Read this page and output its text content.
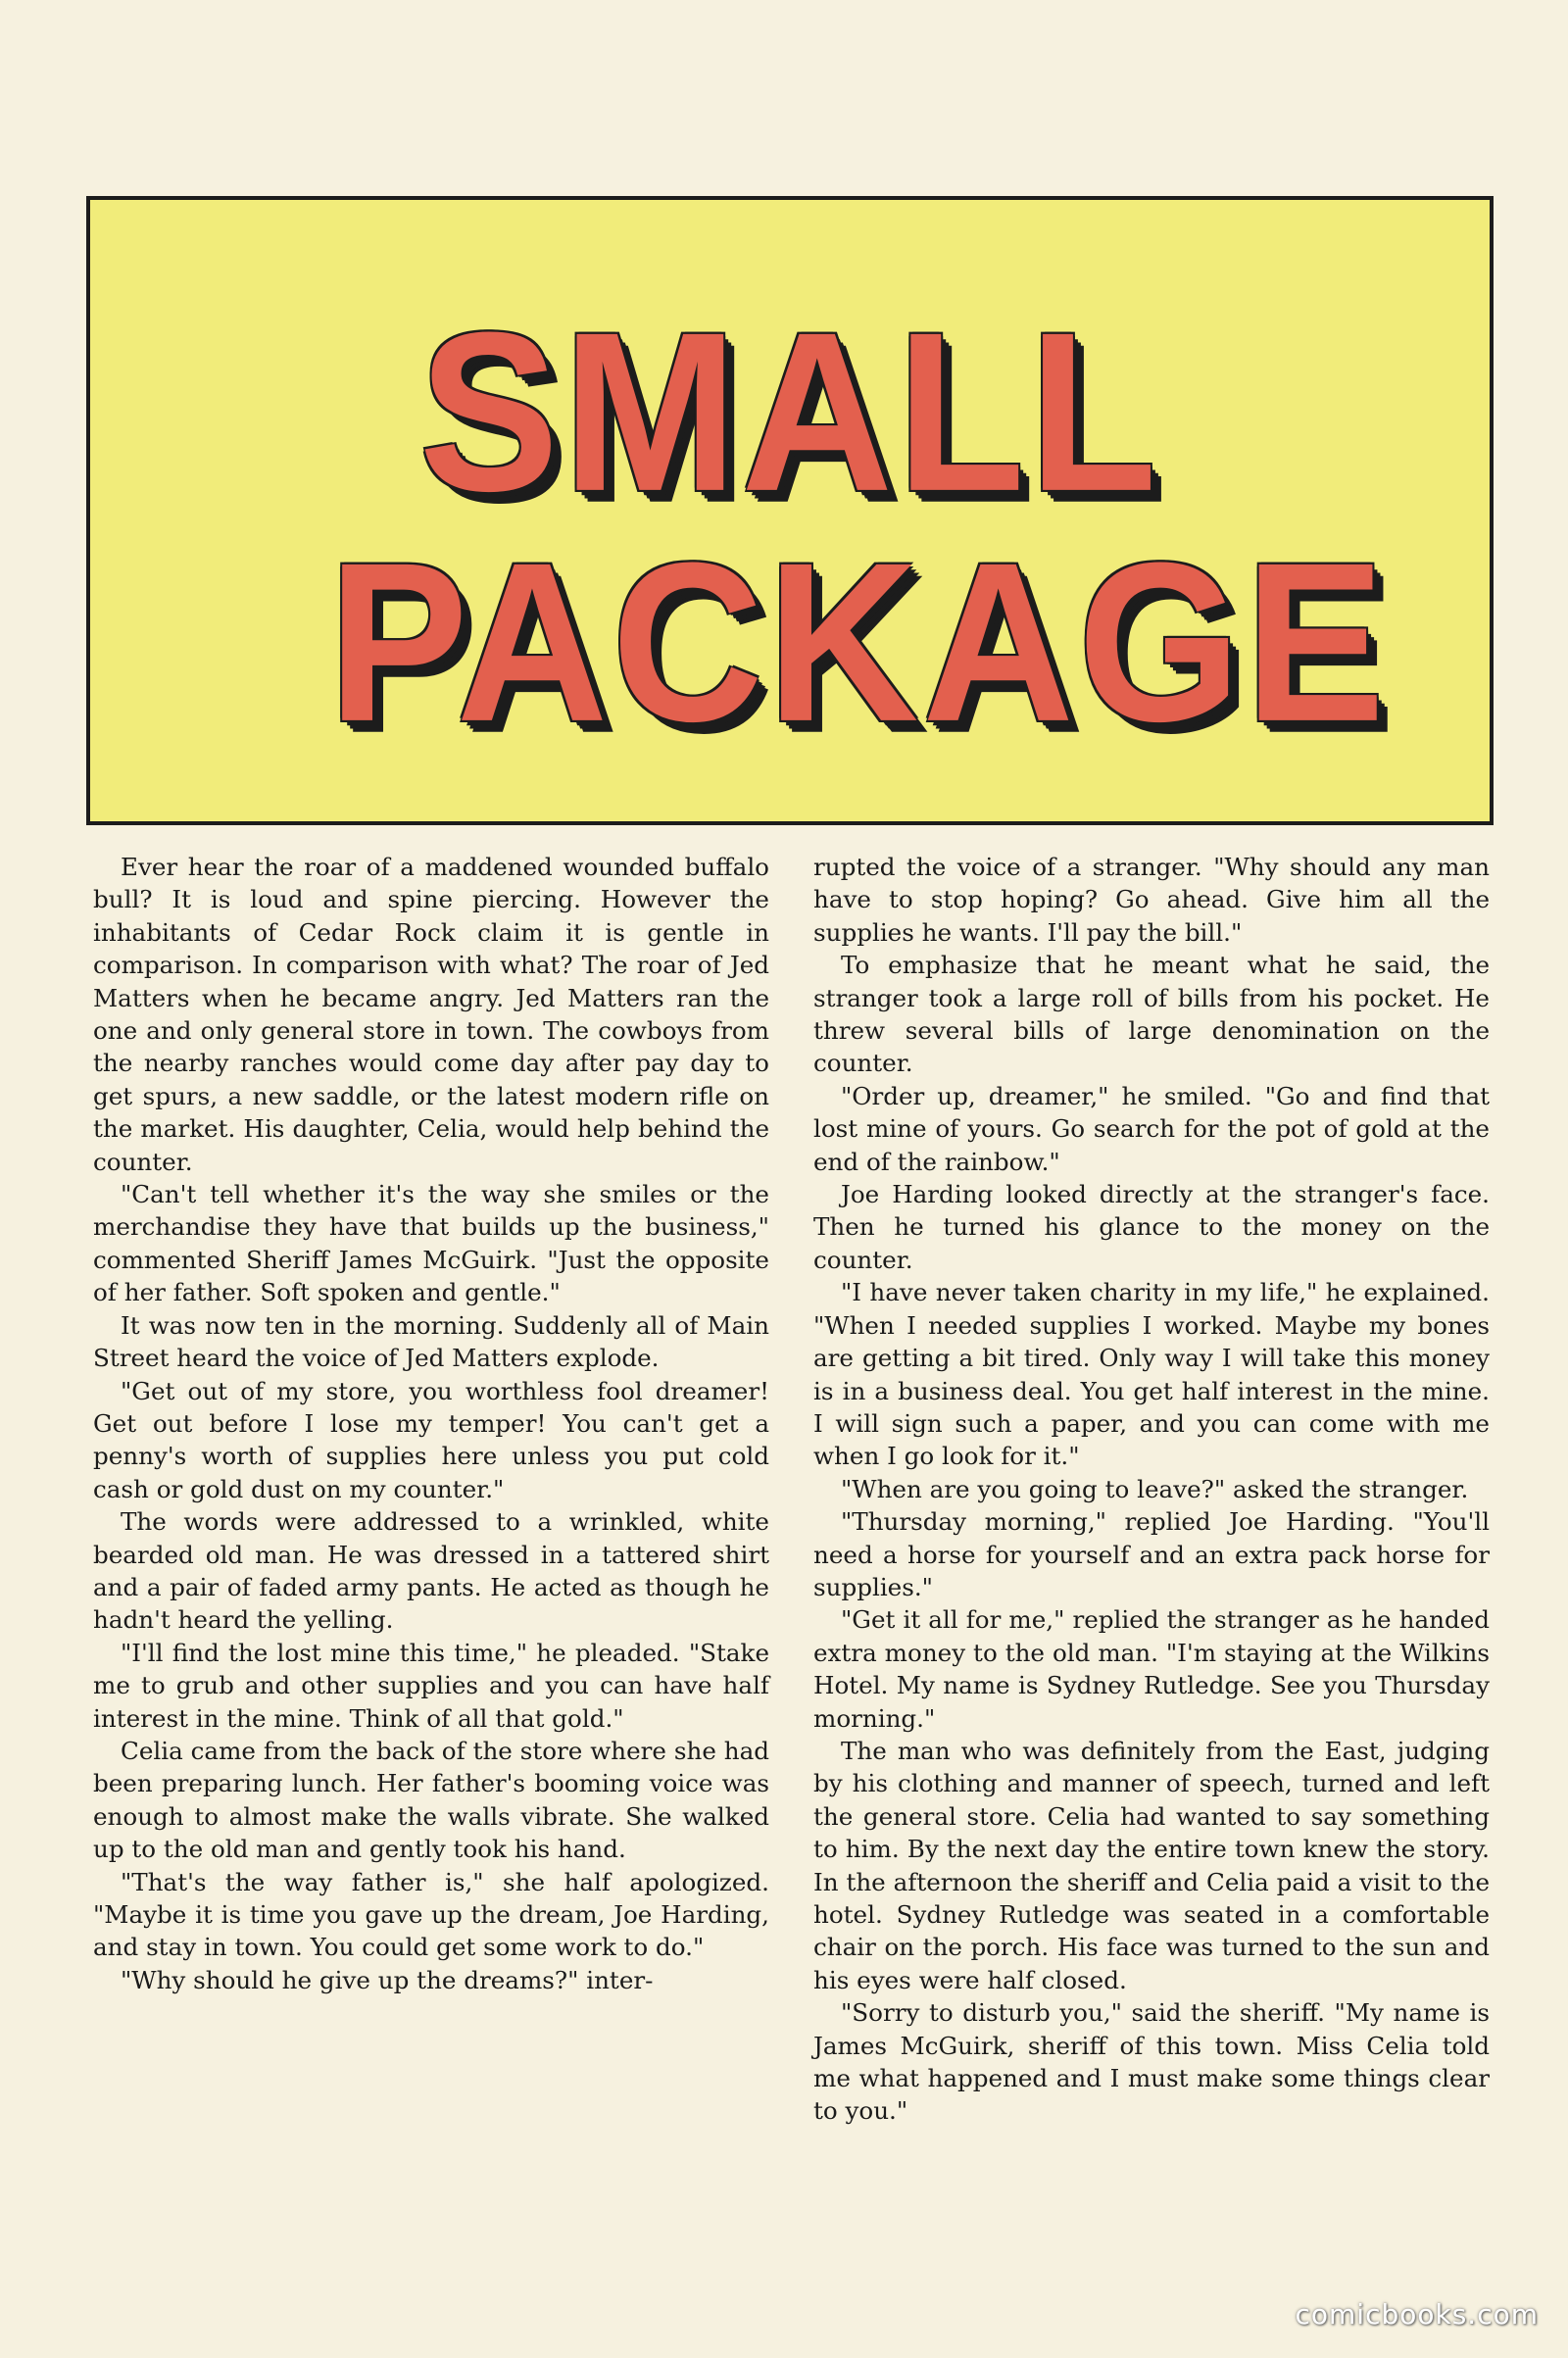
SMALL
PACKAGE

Ever hear the roar of a maddened wounded buffalo bull? It is loud and spine piercing. However the inhabitants of Cedar Rock claim it is gentle in comparison. In comparison with what? The roar of Jed Matters when he became angry. Jed Matters ran the one and only general store in town. The cowboys from the nearby ranches would come day after pay day to get spurs, a new saddle, or the latest modern rifle on the market. His daughter, Celia, would help behind the counter.

"Can't tell whether it's the way she smiles or the merchandise they have that builds up the business," commented Sheriff James McGuirk. "Just the opposite of her father. Soft spoken and gentle."

It was now ten in the morning. Suddenly all of Main Street heard the voice of Jed Matters explode.

"Get out of my store, you worthless fool dreamer! Get out before I lose my temper! You can't get a penny's worth of supplies here unless you put cold cash or gold dust on my counter."

The words were addressed to a wrinkled, white bearded old man. He was dressed in a tattered shirt and a pair of faded army pants. He acted as though he hadn't heard the yelling.

"I'll find the lost mine this time," he pleaded. "Stake me to grub and other supplies and you can have half interest in the mine. Think of all that gold."

Celia came from the back of the store where she had been preparing lunch. Her father's booming voice was enough to almost make the walls vibrate. She walked up to the old man and gently took his hand.

"That's the way father is," she half apologized. "Maybe it is time you gave up the dream, Joe Harding, and stay in town. You could get some work to do."

"Why should he give up the dreams?" inter-

rupted the voice of a stranger. "Why should any man have to stop hoping? Go ahead. Give him all the supplies he wants. I'll pay the bill."

To emphasize that he meant what he said, the stranger took a large roll of bills from his pocket. He threw several bills of large denomination on the counter.

"Order up, dreamer," he smiled. "Go and find that lost mine of yours. Go search for the pot of gold at the end of the rainbow."

Joe Harding looked directly at the stranger's face. Then he turned his glance to the money on the counter.

"I have never taken charity in my life," he explained. "When I needed supplies I worked. Maybe my bones are getting a bit tired. Only way I will take this money is in a business deal. You get half interest in the mine. I will sign such a paper, and you can come with me when I go look for it."

"When are you going to leave?" asked the stranger.

"Thursday morning," replied Joe Harding. "You'll need a horse for yourself and an extra pack horse for supplies."

"Get it all for me," replied the stranger as he handed extra money to the old man. "I'm staying at the Wilkins Hotel. My name is Sydney Rutledge. See you Thursday morning."

The man who was definitely from the East, judging by his clothing and manner of speech, turned and left the general store. Celia had wanted to say something to him. By the next day the entire town knew the story. In the afternoon the sheriff and Celia paid a visit to the hotel. Sydney Rutledge was seated in a comfortable chair on the porch. His face was turned to the sun and his eyes were half closed.

"Sorry to disturb you," said the sheriff. "My name is James McGuirk, sheriff of this town. Miss Celia told me what happened and I must make some things clear to you."

comicbooks.com
